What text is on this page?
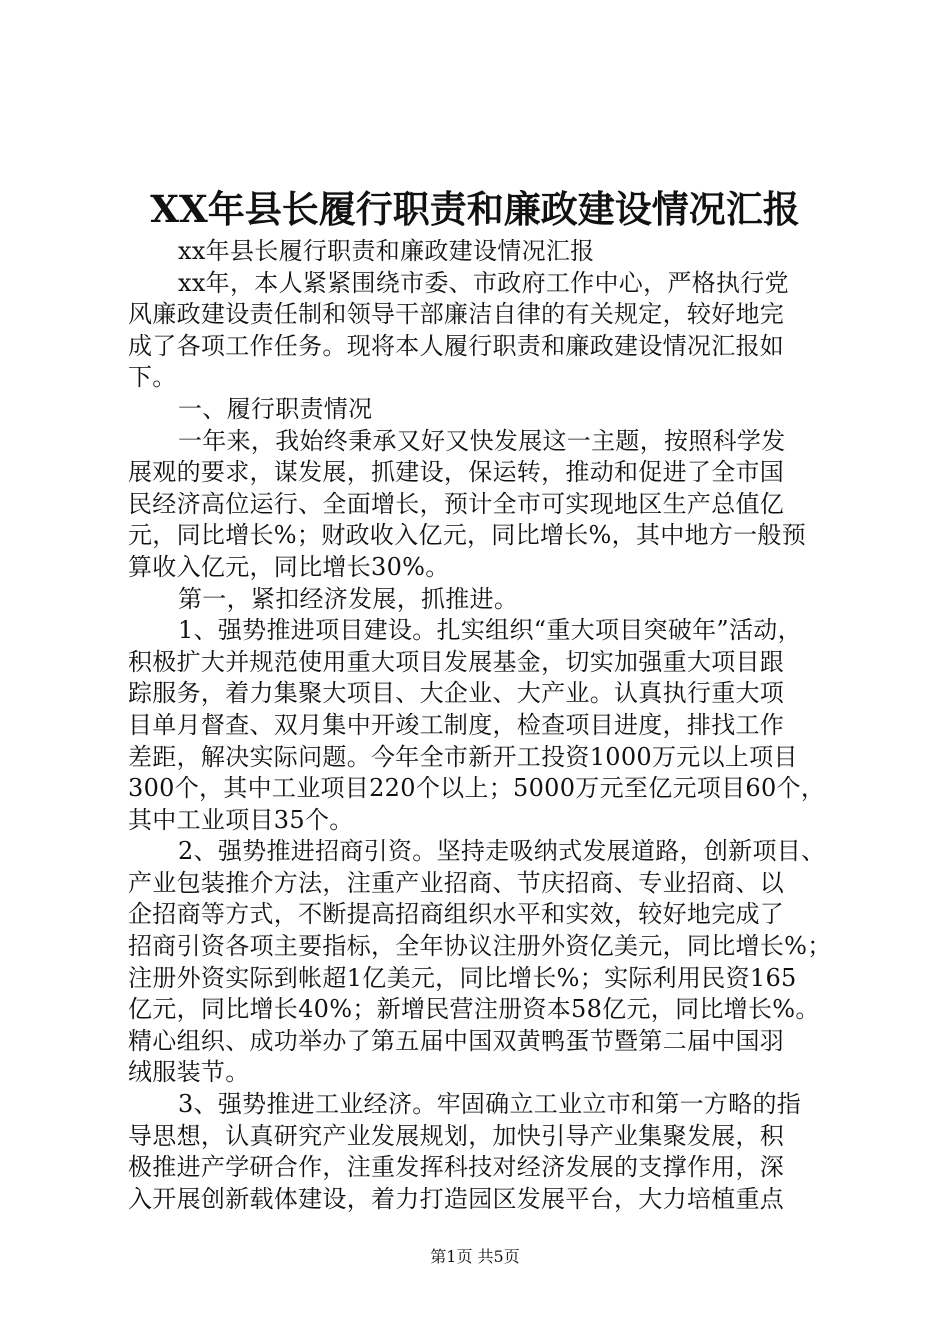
XX年县长履行职责和廉政建设情况汇报
xx年县长履行职责和廉政建设情况汇报
xx年，本人紧紧围绕市委、市政府工作中心，严格执行党
风廉政建设责任制和领导干部廉洁自律的有关规定，较好地完
成了各项工作任务。现将本人履行职责和廉政建设情况汇报如
下。
一、履行职责情况
一年来，我始终秉承又好又快发展这一主题，按照科学发
展观的要求，谋发展，抓建设，保运转，推动和促进了全市国
民经济高位运行、全面增长，预计全市可实现地区生产总值亿
元，同比增长%；财政收入亿元，同比增长%，其中地方一般预
算收入亿元，同比增长30%。
第一，紧扣经济发展，抓推进。
1、强势推进项目建设。扎实组织“重大项目突破年”活动，
积极扩大并规范使用重大项目发展基金，切实加强重大项目跟
踪服务，着力集聚大项目、大企业、大产业。认真执行重大项
目单月督查、双月集中开竣工制度，检查项目进度，排找工作
差距，解决实际问题。今年全市新开工投资1000万元以上项目
300个，其中工业项目220个以上；5000万元至亿元项目60个，
其中工业项目35个。
2、强势推进招商引资。坚持走吸纳式发展道路，创新项目、
产业包装推介方法，注重产业招商、节庆招商、专业招商、以
企招商等方式，不断提高招商组织水平和实效，较好地完成了
招商引资各项主要指标，全年协议注册外资亿美元，同比增长%；
注册外资实际到帐超1亿美元，同比增长%；实际利用民资165
亿元，同比增长40%；新增民营注册资本58亿元，同比增长%。
精心组织、成功举办了第五届中国双黄鸭蛋节暨第二届中国羽
绒服装节。
3、强势推进工业经济。牢固确立工业立市和第一方略的指
导思想，认真研究产业发展规划，加快引导产业集聚发展，积
极推进产学研合作，注重发挥科技对经济发展的支撑作用，深
入开展创新载体建设，着力打造园区发展平台，大力培植重点
第1页 共5页
